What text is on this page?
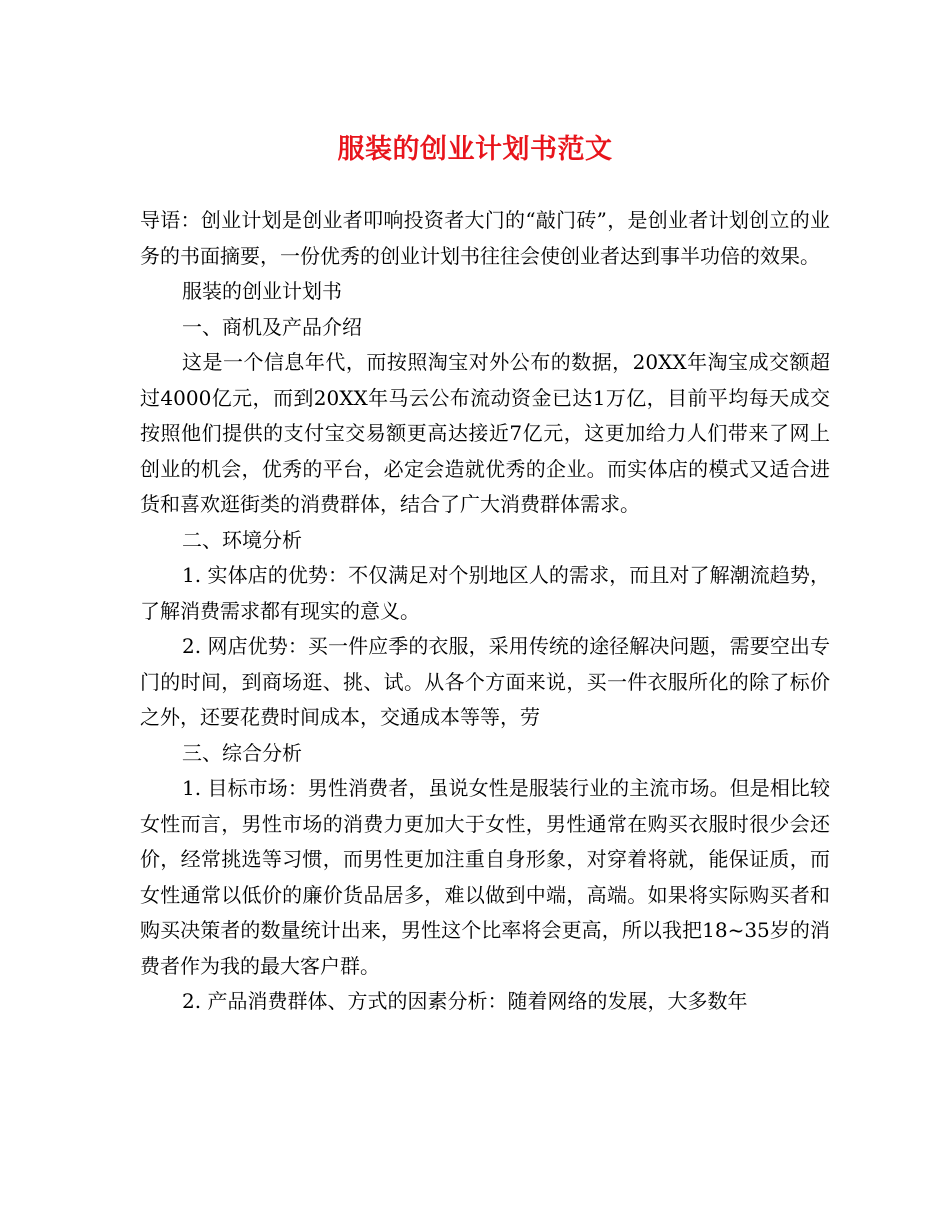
服装的创业计划书范文

导语：创业计划是创业者叩响投资者大门的“敲门砖”，是创业者计划创立的业务的书面摘要，一份优秀的创业计划书往往会使创业者达到事半功倍的效果。

服装的创业计划书

一、商机及产品介绍

这是一个信息年代，而按照淘宝对外公布的数据，20XX年淘宝成交额超过4000亿元，而到20XX年马云公布流动资金已达1万亿，目前平均每天成交按照他们提供的支付宝交易额更高达接近7亿元，这更加给力人们带来了网上创业的机会，优秀的平台，必定会造就优秀的企业。而实体店的模式又适合进货和喜欢逛街类的消费群体，结合了广大消费群体需求。

二、环境分析

1. 实体店的优势：不仅满足对个别地区人的需求，而且对了解潮流趋势，了解消费需求都有现实的意义。

2. 网店优势：买一件应季的衣服，采用传统的途径解决问题，需要空出专门的时间，到商场逛、挑、试。从各个方面来说，买一件衣服所化的除了标价之外，还要花费时间成本，交通成本等等，劳

三、综合分析

1. 目标市场：男性消费者，虽说女性是服装行业的主流市场。但是相比较女性而言，男性市场的消费力更加大于女性，男性通常在购买衣服时很少会还价，经常挑选等习惯，而男性更加注重自身形象，对穿着将就，能保证质，而女性通常以低价的廉价货品居多，难以做到中端，高端。如果将实际购买者和购买决策者的数量统计出来，男性这个比率将会更高，所以我把18~35岁的消费者作为我的最大客户群。

2. 产品消费群体、方式的因素分析：随着网络的发展，大多数年
